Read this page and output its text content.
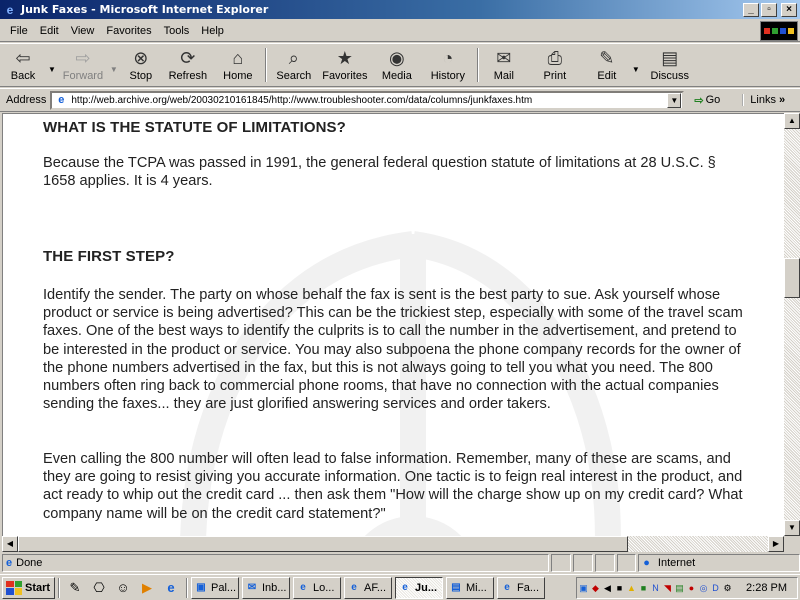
e Junk Faxes - Microsoft Internet Explorer	_	▫	×
File	Edit	View	Favorites	Tools	Help
⇦
Back
▼
⇨
Forward
▼
⊗
Stop
⟳
Refresh
⌂
Home
⌕
Search
★
Favorites
◉
Media
◔
History
✉
Mail
⎙
Print
✎
Edit
▼
▤
Discuss
Address	e
http://web.archive.org/web/20030210161845/http://www.troubleshooter.com/data/columns/junkfaxes.htm	▼ ⇨ Go	Links »
WHAT IS THE STATUTE OF LIMITATIONS?
Because the TCPA was passed in 1991, the general federal question statute of limitations at 28 U.S.C. § 1658 applies. It is 4 years.
THE FIRST STEP?
Identify the sender. The party on whose behalf the fax is sent is the best party to sue. Ask yourself whose product or service is being advertised? This can be the trickiest step, especially with some of the travel scam faxes. One of the best ways to identify the culprits is to call the number in the advertisement, and pretend to be interested in the product or service. You may also subpoena the phone company records for the owner of the phone numbers advertised in the fax, but this is not always going to tell you what you need. The 800 numbers often ring back to commercial phone rooms, that have no connection with the actual companies sending the faxes... they are just glorified answering services and order takers.
Even calling the 800 number will often lead to false information. Remember, many of these are scams, and they are going to resist giving you accurate information. One tactic is to feign real interest in the product, and act ready to whip out the credit card ... then ask them "How will the charge show up on my credit card? What company name will be on the credit card statement?"
▲
▼
◀	▶
e Done	● Internet
Start	✎ ⎔ ☺ ▶	e	▣ Pal... ✉ Inb...	e Lo...	e AF...	e Ju... ▤ Mi...	e Fa...	▣ ◆ ◀ ■ ▲ ■ N ◥ ▤ ● ◎ D ⚙ 2:28 PM
